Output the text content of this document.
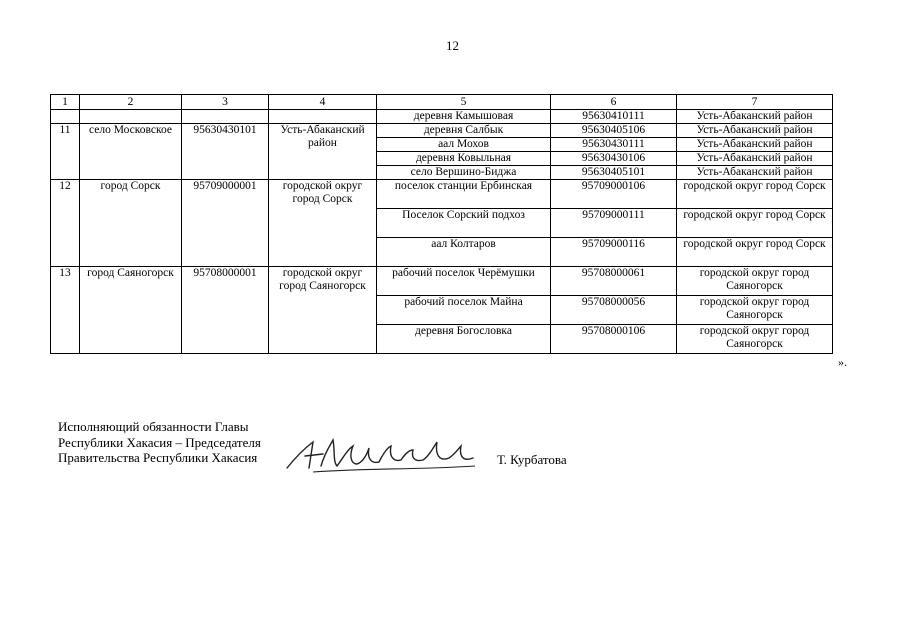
12
1	2	3	4	5	6	7
				деревня Камышовая	95630410111	Усть-Абаканский район
11	село Московское	95630430101	Усть-Абаканский район	деревня Салбык	95630405106	Усть-Абаканский район
				аал Мохов	95630430111	Усть-Абаканский район
				деревня Ковыльная	95630430106	Усть-Абаканский район
				село Вершино-Биджа	95630405101	Усть-Абаканский район
12	город Сорск	95709000001	городской округ город Сорск	поселок станции Ербинская	95709000106	городской округ город Сорск
				Поселок Сорский подхоз	95709000111	городской округ город Сорск
				аал Колтаров	95709000116	городской округ город Сорск
13	город Саяногорск	95708000001	городской округ город Саяногорск	рабочий поселок Черёмушки	95708000061	городской округ город Саяногорск
				рабочий поселок Майна	95708000056	городской округ город Саяногорск
				деревня Богословка	95708000106	городской округ город Саяногорск
».
Исполняющий обязанности Главы
Республики Хакасия – Председателя
Правительства Республики Хакасия	Т. Курбатова
